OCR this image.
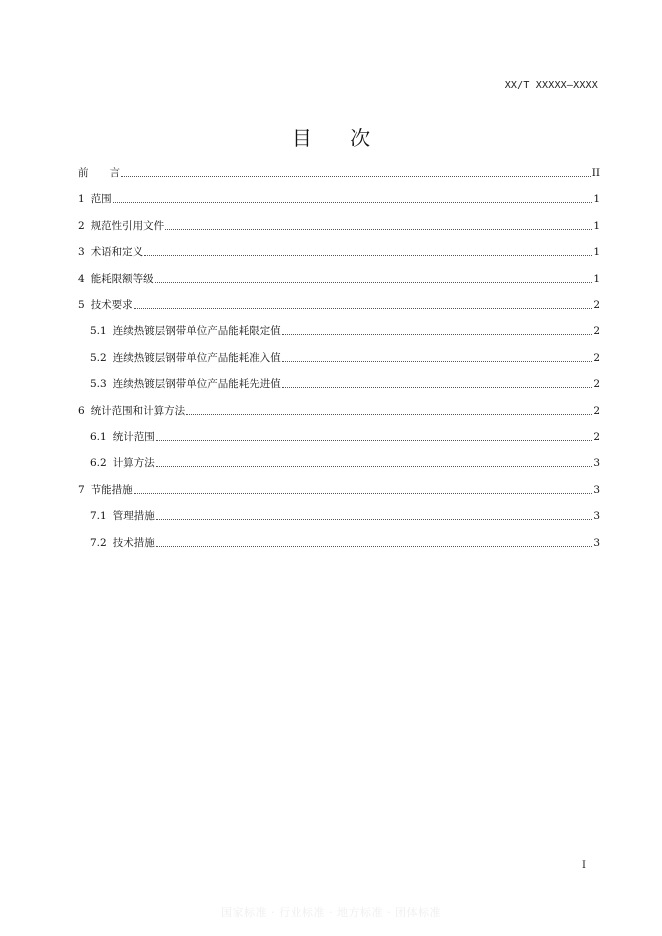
XX/T XXXXX—XXXX
目 次
前　　言	II
1 范围	1
2 规范性引用文件	1
3 术语和定义	1
4 能耗限额等级	1
5 技术要求	2
5.1 连续热镀层钢带单位产品能耗限定值	2
5.2 连续热镀层钢带单位产品能耗准入值	2
5.3 连续热镀层钢带单位产品能耗先进值	2
6 统计范围和计算方法	2
6.1 统计范围	2
6.2 计算方法	3
7 节能措施	3
7.1 管理措施	3
7.2 技术措施	3
I
国家标准 · 行业标准 · 地方标准 · 团体标准
